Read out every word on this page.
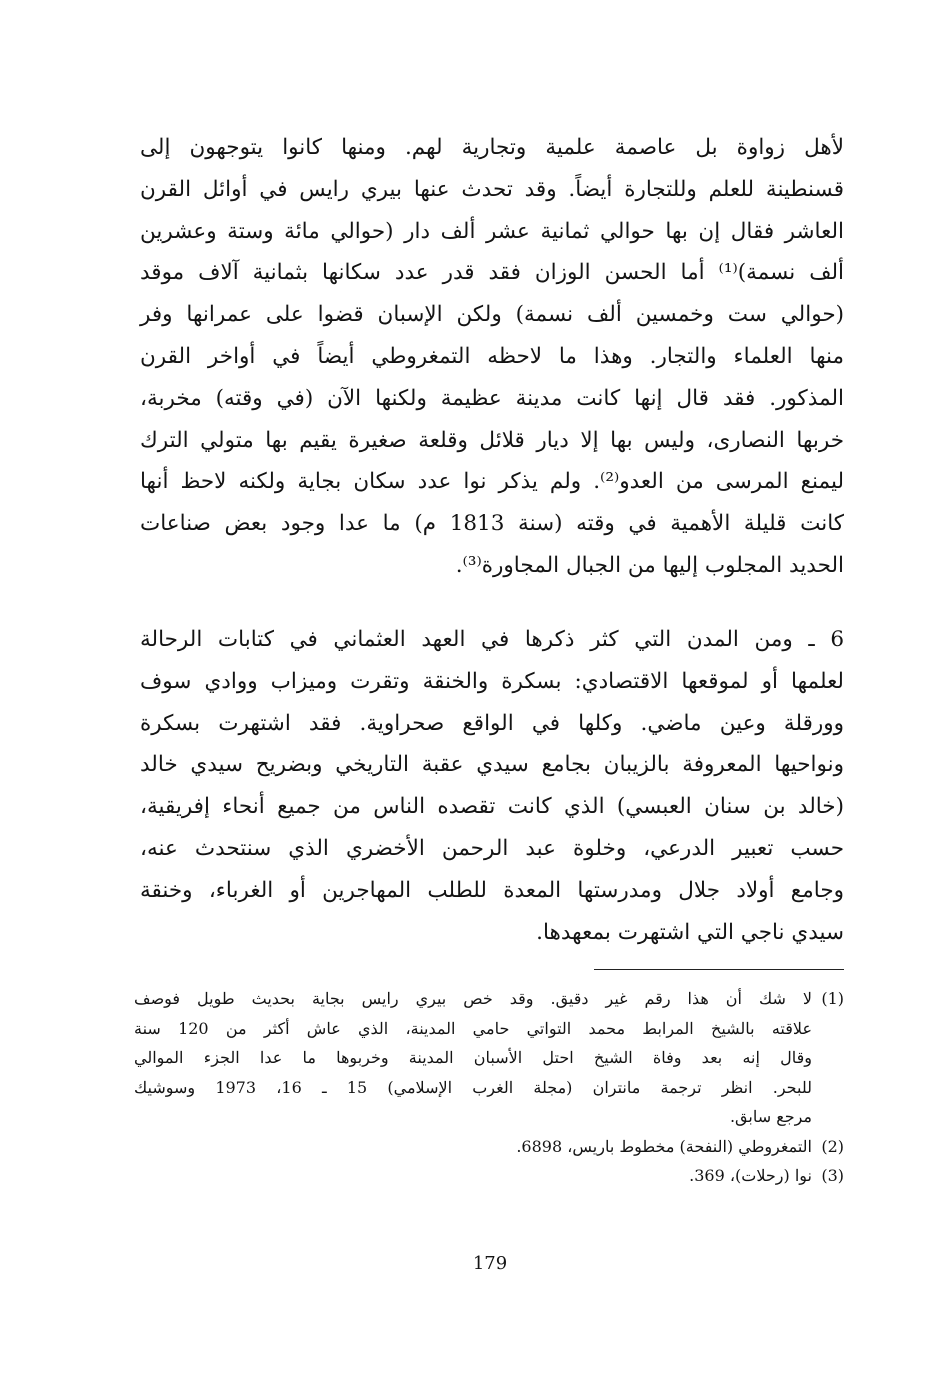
لأهل زواوة بل عاصمة علمية وتجارية لهم. ومنها كانوا يتوجهون إلى
قسنطينة للعلم وللتجارة أيضاً. وقد تحدث عنها بيري رايس في أوائل القرن
العاشر فقال إن بها حوالي ثمانية عشر ألف دار (حوالي مائة وستة وعشرين
ألف نسمة)⁽¹⁾ أما الحسن الوزان فقد قدر عدد سكانها بثمانية آلاف موقد
(حوالي ست وخمسين ألف نسمة) ولكن الإسبان قضوا على عمرانها وفر
منها العلماء والتجار. وهذا ما لاحظه التمغروطي أيضاً في أواخر القرن
المذكور. فقد قال إنها كانت مدينة عظيمة ولكنها الآن (في وقته) مخربة،
خربها النصارى، وليس بها إلا ديار قلائل وقلعة صغيرة يقيم بها متولي الترك
ليمنع المرسى من العدو⁽²⁾. ولم يذكر نوا عدد سكان بجاية ولكنه لاحظ أنها
كانت قليلة الأهمية في وقته (سنة 1813 م) ما عدا وجود بعض صناعات
الحديد المجلوب إليها من الجبال المجاورة⁽³⁾.
6 ـ ومن المدن التي كثر ذكرها في العهد العثماني في كتابات الرحالة
لعلمها أو لموقعها الاقتصادي: بسكرة والخنقة وتقرت وميزاب ووادي سوف
وورقلة وعين ماضي. وكلها في الواقع صحراوية. فقد اشتهرت بسكرة
ونواحيها المعروفة بالزيبان بجامع سيدي عقبة التاريخي وبضريح سيدي خالد
(خالد بن سنان العبسي) الذي كانت تقصده الناس من جميع أنحاء إفريقية،
حسب تعبير الدرعي، وخلوة عبد الرحمن الأخضري الذي سنتحدث عنه،
وجامع أولاد جلال ومدرستها المعدة للطلب المهاجرين أو الغرباء، وخنقة
سيدي ناجي التي اشتهرت بمعهدها.
(1)
لا شك أن هذا رقم غير دقيق. وقد خص بيري رايس بجاية بحديث طويل فوصف
علاقته بالشيخ المرابط محمد التواتي حامي المدينة، الذي عاش أكثر من 120 سنة
وقال إنه بعد وفاة الشيخ احتل الأسبان المدينة وخربوها ما عدا الجزء الموالي
للبحر. انظر ترجمة مانتران (مجلة الغرب الإسلامي) 15 ـ 16، 1973 وسوشيك
مرجع سابق.
(2)
التمغروطي (النفحة) مخطوط باريس، 6898.
(3)
نوا (رحلات)، 369.
179
